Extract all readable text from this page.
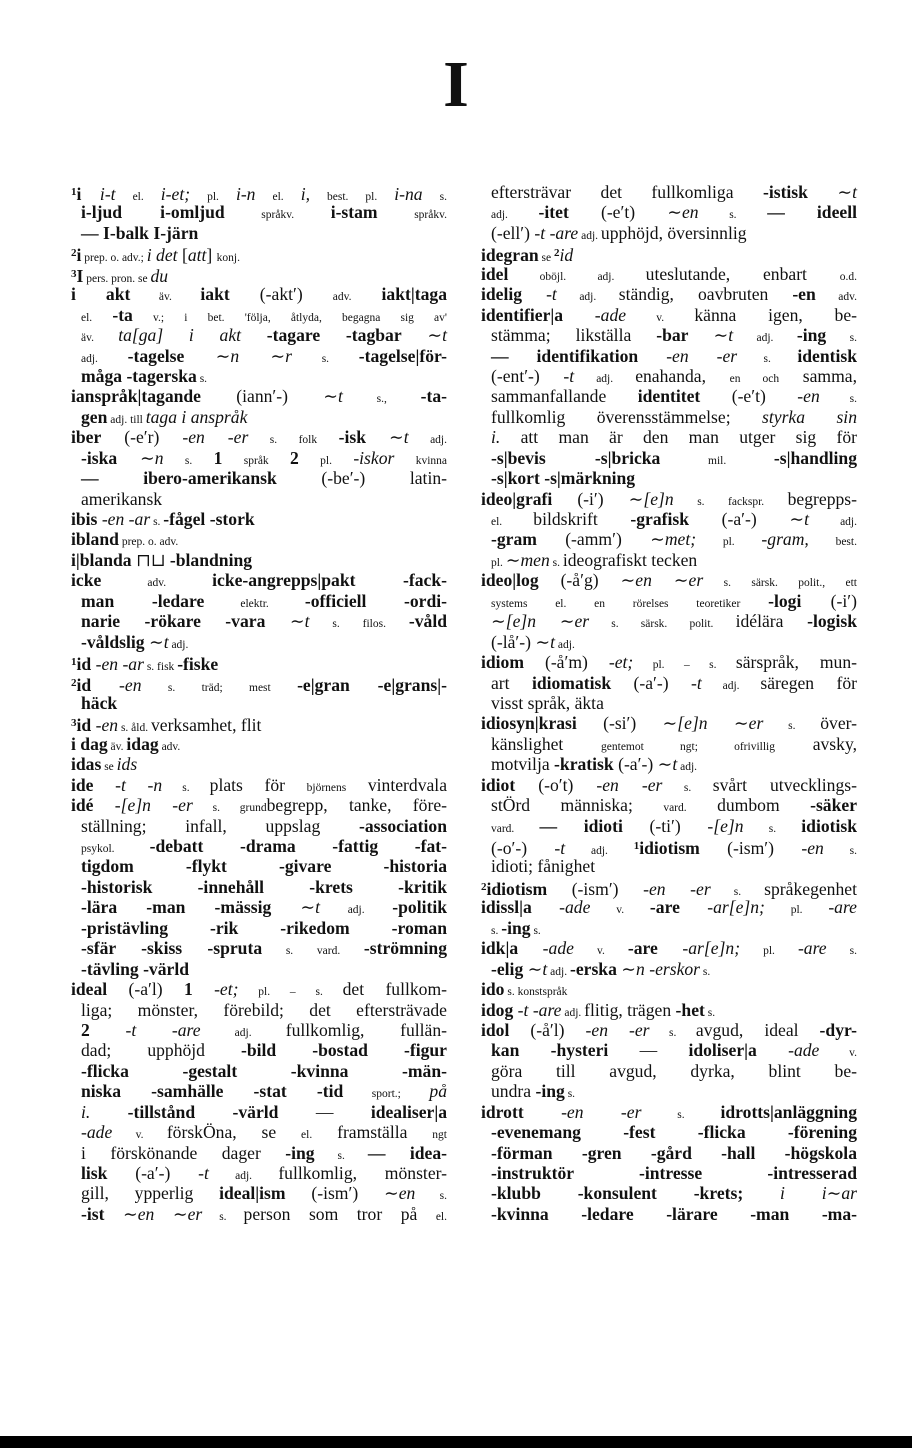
I
$^1$i i-t el. i-et; pl. i-n el. i, best. pl. i-na s.
i-ljud i-omljud språkv. i-stam språkv.
— I-balk I-järn
$^2$i prep. o. adv.; i det [att] konj.
$^3$I pers. pron. se du
i akt äv. iakt (-akt′) adv. iakt|taga
el. -ta v.; i bet. 'följa, åtlyda, begagna sig av'
äv. ta[ga] i akt -tagare -tagbar ∼t
adj. -tagelse ∼n ∼r s. -tagelse|för-
måga -tagerska s.
ianspråk|tagande (iann′-) ∼t s., -ta-
gen adj. till taga i anspråk
iber (-e′r) -en -er s. folk -isk ∼t adj.
-iska ∼n s. 1 språk 2 pl. -iskor kvinna
— ibero-amerikansk (-be′-) latin-
amerikansk
ibis -en -ar s. -fågel -stork
ibland prep. o. adv.
i|blanda ⊓⊔ -blandning
icke adv. icke-angrepps|pakt -fack-
man -ledare elektr. -officiell -ordi-
narie -rökare -vara ∼t s. filos. -våld
-våldslig ∼t adj.
$^1$id -en -ar s. fisk -fiske
$^2$id -en s. träd; mest -e|gran -e|grans|-
häck
$^3$id -en s. åld. verksamhet, flit
i dag äv. idag adv.
idas se ids
ide -t -n s. plats för björnens vinterdvala
idé -[e]n -er s. grundbegrepp, tanke, före-
ställning; infall, uppslag -association
psykol. -debatt -drama -fattig -fat-
tigdom -flykt -givare -historia
-historisk -innehåll -krets -kritik
-lära -man -mässig ∼t adj. -politik
-pristävling -rik -rikedom -roman
-sfär -skiss -spruta s. vard. -strömning
-tävling -värld
ideal (-a′l) 1 -et; pl. – s. det fullkom-
liga; mönster, förebild; det eftersträvade
2 -t -are adj. fullkomlig, fullän-
dad; upphöjd -bild -bostad -figur
-flicka -gestalt -kvinna -män-
niska -samhälle -stat -tid sport.; på
i. -tillstånd -värld — idealiser|a
-ade v. förskÖna, se el. framställa ngt
i förskönande dager -ing s. — idea-
lisk (-a′-) -t adj. fullkomlig, mönster-
gill, ypperlig ideal|ism (-ism′) ∼en s.
-ist ∼en ∼er s. person som tror på el.
eftersträvar det fullkomliga -istisk ∼t
adj. -itet (-e′t) ∼en s. — ideell
(-ell′) -t -are adj. upphöjd, översinnlig
idegran se $^2$id
idel oböjl. adj. uteslutande, enbart o.d.
idelig -t adj. ständig, oavbruten -en adv.
identifier|a -ade v. känna igen, be-
stämma; likställa -bar ∼t adj. -ing s.
— identifikation -en -er s. identisk
(-ent′-) -t adj. enahanda, en och samma,
sammanfallande identitet (-e′t) -en s.
fullkomlig överensstämmelse; styrka sin
i. att man är den man utger sig för
-s|bevis -s|bricka mil. -s|handling
-s|kort -s|märkning
ideo|grafi (-i′) ∼[e]n s. fackspr. begrepps-
el. bildskrift -grafisk (-a′-) ∼t adj.
-gram (-amm′) ∼met; pl. -gram, best.
pl. ∼men s. ideografiskt tecken
ideo|log (-å′g) ∼en ∼er s. särsk. polit., ett
systems el. en rörelses teoretiker -logi (-i′)
∼[e]n ∼er s. särsk. polit. idélära -logisk
(-lå′-) ∼t adj.
idiom (-å′m) -et; pl. – s. särspråk, mun-
art idiomatisk (-a′-) -t adj. säregen för
visst språk, äkta
idiosyn|krasi (-si′) ∼[e]n ∼er s. över-
känslighet gentemot ngt; ofrivillig avsky,
motvilja -kratisk (-a′-) ∼t adj.
idiot (-o′t) -en -er s. svårt utvecklings-
stÖrd människa; vard. dumbom -säker
vard. — idioti (-ti′) -[e]n s. idiotisk
(-o′-) -t adj. $^1$idiotism (-ism′) -en s.
idioti; fånighet
$^2$idiotism (-ism′) -en -er s. språkegenhet
idissl|a -ade v. -are -ar[e]n; pl. -are
s. -ing s.
idk|a -ade v. -are -ar[e]n; pl. -are s.
-elig ∼t adj. -erska ∼n -erskor s.
ido s. konstspråk
idog -t -are adj. flitig, trägen -het s.
idol (-å′l) -en -er s. avgud, ideal -dyr-
kan -hysteri — idoliser|a -ade v.
göra till avgud, dyrka, blint be-
undra -ing s.
idrott -en -er s. idrotts|anläggning
-evenemang -fest -flicka -förening
-förman -gren -gård -hall -högskola
-instruktör -intresse -intresserad
-klubb -konsulent -krets; i i∼ar
-kvinna -ledare -lärare -man -ma-
